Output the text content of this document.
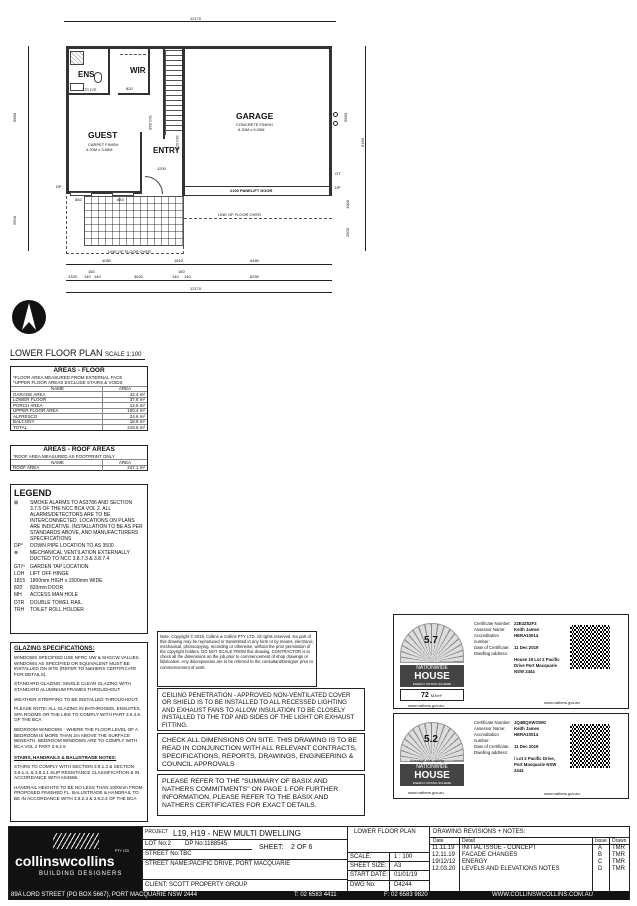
12170
ENS
770 C/S
WIR
820
GUEST
CARPET FINISH
4.20M x 3.60M
850 C/S
ENTRY
1200
820 C/S
GARAGE
CONCRETE FINISH
6.20M x 6.00M
2100 PANELIFT DOOR
LINE OF FLOOR OVER
LINE OF FLOOR OVER
882	883
DP
GT
DP
5680
2500
5680
1000
2500
9180
4080	1610	6480
160	160
1320 140 140	3620	140 140	6250
12170
LOWER FLOOR PLAN SCALE 1:100
AREAS - FLOOR
*FLOOR AREA MEASURED FROM EXTERNAL FACE
*UPPER FLOOR AREAS EXCLUDE STAIRS & VOIDS
NAME	AREA
GARAGE AREA	42.4 m²
LOWER FLOOR	37.8 m²
PORCH AREA	12.5 m²
UPPER FLOOR AREA	100.4 m²
ALFRESCO	24.6 m²
BALCONY	18.8 m²
TOTAL	216.6 m²
AREAS - ROOF AREAS
*ROOF AREA MEASURED AS FOOTPRINT ONLY
NAME	AREA
ROOF AREA	247.1 m²
LEGEND
⊠	SMOKE ALARMS TO AS3786 AND SECTION 3.7.5 OF THE NCC BCA VOL 2. ALL ALARMS/DETECTORS ARE TO BE INTERCONNECTED. LOCATIONS ON PLANS ARE INDICATIVE. INSTALLATION TO BE AS PER STANDARDS ABOVE, AND MANUFACTURERS SPECIFICATIONS
DP°	DOWN PIPE LOCATION TO AS 3500
⊗	MECHANICAL VENTILATION EXTERNALLY DUCTED TO NCC 3.8.7.3 & 3.8.7.4
GT/ᴳ	GARDEN TAP LOCATION
LOH	LIFT OFF HINGE
1815 1800mm HIGH x 1500mm WIDE
820	820mm DOOR
MH	ACCESS MAN HOLE
DTR	DOUBLE TOWEL RAIL
TRH	TOILET ROLL HOLDER
GLAZING SPECIFICATIONS:
WINDOWS SPECIFIED USE NFRC UW & SHGCW VALUES. WINDOWS AS SPECIFIED OR EQUIVALENT MUST BE INSTALLED ON SITE (REFER TO NatHERS CERTIFICATE FOR DETAILS).
STANDARD GLAZING: SINGLE CLEAR GLAZING WITH STANDARD ALUMINIUM FRAMES THROUGHOUT
WEATHER STRIPPING TO BE INSTALLED THROUGHOUT.
PLEASE NOTE: ALL GLAZING IN BATHROOMS, ENSUITES, SPA ROOMS OR THE LIKE TO COMPLY WITH PART 3.6.4.5 OF THE BCA
BEDROOM WINDOWS - WHERE THE FLOOR LEVEL OF A BEDROOM IS MORE THAN 2m ABOVE THE SURFACE BENEATH, BEDROOM WINDOWS ARE TO COMPLY WITH BCA VOL 2 PART 3.9.2.5
STAIRS, HANDRAILS & BALUSTRADE NOTES:
STAIRS TO COMPLY WITH SECTION 3.9.1.3 & SECTION 3.9.1.4, & 3.9.1.1 SLIP RESISTANCE CLASSIFICATION & IN ACCORDANCE WITH AS4586.
HANDRAIL HEIGHTS TO BE NO LESS THAN 1000mm FROM PROPOSED FINISHED FL. BALUSTRADE & HANDRAIL TO BE IN ACCORDANCE WITH 3.9.2.3 & 3.9.2.4 OF THE BCA
Note: Copyright © 2019, Collins w Collins PTY LTD. All rights reserved. No part of this drawing may be reproduced or transmitted in any form or by means, electronic, mechanical, photocopying, recording or otherwise, without the prior permission of the copyright holders. DO NOT SCALE FROM this drawing. CONTRACTOR is to check all the dimensions on the job prior to commencement of shop drawings or fabrication. Any discrepancies are to be referred to the consultant/Designer prior to commencement of work.
CEILING PENETRATION - APPROVED NON-VENTILATED COVER OR SHIELD IS TO BE INSTALLED TO ALL RECESSED LIGHTING AND EXHAUST FANS TO ALLOW INSULATION TO BE CLOSELY INSTALLED TO THE TOP AND SIDES OF THE LIGHT OR EXHAUST FITTING.
CHECK ALL DIMENSIONS ON SITE. THIS DRAWING IS TO BE READ IN CONJUNCTION WITH ALL RELEVANT CONTRACTS, SPECIFICATIONS, REPORTS, DRAWINGS, ENGINEERING & COUNCIL APPROVALS
PLEASE REFER TO THE "SUMMARY OF BASIX AND NATHERS COMMITMENTS" ON PAGE 1 FOR FURTHER INFORMATION. PLEASE REFER TO THE BASIX AND NATHERS CERTIFICATES FOR EXACT DETAILS.
5.7
NATIONWIDE
HOUSE
ENERGY RATING SCHEME
72 MJ/m²
www.nathers.gov.au
Certificate Number: 22E3Z52F3
Assessor Name:	Keith James
Accreditation number:
HERA10014
Date of Certificate:	11 Dec 2019
Dwelling address:
House 19 Lot 2 Pacific Drive Port Macquarie NSW 2444
www.nathers.gov.au
5.2
Average star rating
NATIONWIDE
HOUSE
ENERGY RATING SCHEME
www.nathers.gov.au
Certificate Number: JQ4BQXWOWG
Assessor Name:	Keith James
Accreditation number:
HERA10014
Date of Certificate:	11 Dec 2019
Dwelling address:
/ Lot 2 Pacific Drive, Port Macquarie NSW 2444
www.nathers.gov.au
collinswcollins
PTY LTD
BUILDING DESIGNERS
89A LORD STREET (PO BOX 5667), PORT MACQUARIE NSW 2444	T: 02 6583 4411	F: 02 6583 9820	WWW.COLLINSWCOLLINS.COM.AU
PROJECT L19, H19 - NEW MULTI DWELLING
LOT No:2 DP No:1188545	SHEET: 2 OF 6
STREET No:TBC
STREET NAME:PACIFIC DRIVE, PORT MACQUARIE
CLIENT: SCOTT PROPERTY GROUP
LOWER FLOOR PLAN
SCALE:	1 : 100
SHEET SIZE: A3
START DATE: 01/01/19
DWG No:	D4244
DRAWING REVISIONS + NOTES:
Date	Detail	Issue Drawn
11.11.19 INITIAL ISSUE - CONCEPT	A TMR
12.11.19 FACADE CHANGES	B TMR
19/12/12 ENERGY	C TMR
12.03.20 LEVELS AND ELEVATIONS NOTES	D TMR
